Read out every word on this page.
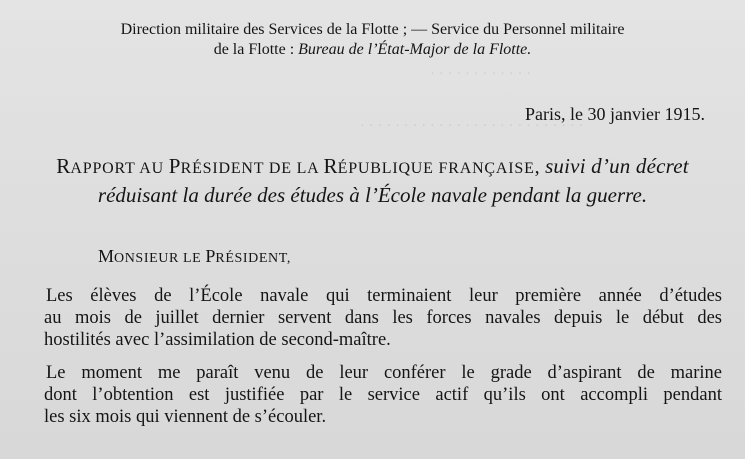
· · · · · · · · · · · ·
· · · · · · · · · · · · · · · · · · · · · · · · · ·
Direction militaire des Services de la Flotte ; — Service du Personnel militaire
de la Flotte : Bureau de l’État-Major de la Flotte.
Paris, le 30 janvier 1915.
RAPPORT AU PRÉSIDENT DE LA RÉPUBLIQUE FRANÇAISE, suivi d’un décret
réduisant la durée des études à l’École navale pendant la guerre.
MONSIEUR LE PRÉSIDENT,
Les élèves de l’École navale qui terminaient leur première année d’études
au mois de juillet dernier servent dans les forces navales depuis le début des
hostilités avec l’assimilation de second-maître.
Le moment me paraît venu de leur conférer le grade d’aspirant de marine
dont l’obtention est justifiée par le service actif qu’ils ont accompli pendant
les six mois qui viennent de s’écouler.
